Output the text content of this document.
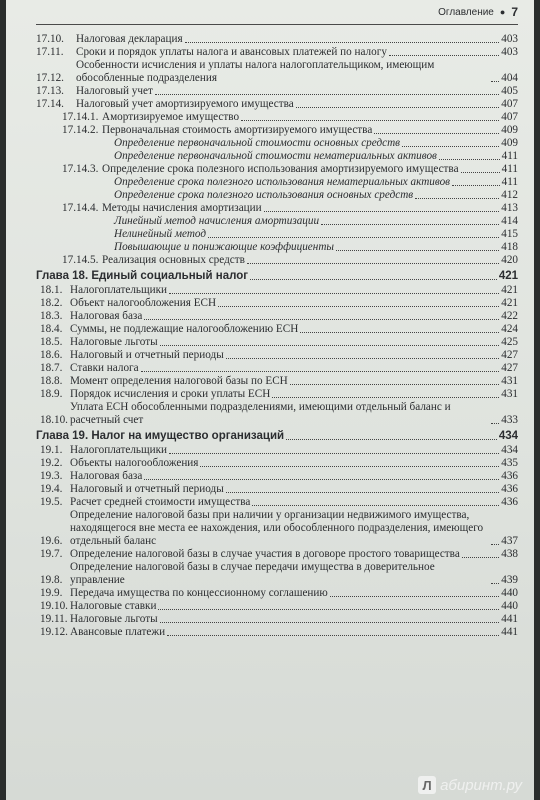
Оглавление ● 7
17.10.	Налоговая декларация	403
17.11.	Сроки и порядок уплаты налога и авансовых платежей по налогу	403
17.12.
Особенности исчисления и уплаты налога налогоплательщиком, имеющим обособленные подразделения	404
17.13.	Налоговый учет	405
17.14.	Налоговый учет амортизируемого имущества	407
17.14.1. Амортизируемое имущество	407
17.14.2. Первоначальная стоимость амортизируемого имущества	409
Определение первоначальной стоимости основных средств	409
Определение первоначальной стоимости нематериальных активов	411
17.14.3. Определение срока полезного использования амортизируемого имущества	411
Определение срока полезного использования нематериальных активов	411
Определение срока полезного использования основных средств	412
17.14.4. Методы начисления амортизации	413
Линейный метод начисления амортизации	414
Нелинейный метод	415
Повышающие и понижающие коэффициенты	418
17.14.5. Реализация основных средств	420
Глава 18. Единый социальный налог	421
18.1. Налогоплательщики	421
18.2. Объект налогообложения ЕСН	421
18.3. Налоговая база	422
18.4. Суммы, не подлежащие налогообложению ЕСН	424
18.5. Налоговые льготы	425
18.6. Налоговый и отчетный периоды	427
18.7. Ставки налога	427
18.8. Момент определения налоговой базы по ЕСН	431
18.9. Порядок исчисления и сроки уплаты ЕСН	431
18.10.
Уплата ЕСН обособленными подразделениями, имеющими отдельный баланс и расчетный счет	433
Глава 19. Налог на имущество организаций	434
19.1. Налогоплательщики	434
19.2. Объекты налогообложения	435
19.3. Налоговая база	436
19.4. Налоговый и отчетный периоды	436
19.5. Расчет средней стоимости имущества	436
19.6.
Определение налоговой базы при наличии у организации недвижимого имущества, находящегося вне места ее нахождения, или обособленного подразделения, имеющего отдельный баланс	437
19.7. Определение налоговой базы в случае участия в договоре простого товарищества	438
19.8.
Определение налоговой базы в случае передачи имущества в доверительное управление	439
19.9. Передача имущества по концессионному соглашению	440
19.10. Налоговые ставки	440
19.11. Налоговые льготы	441
19.12. Авансовые платежи	441
Л абиринт.ру
